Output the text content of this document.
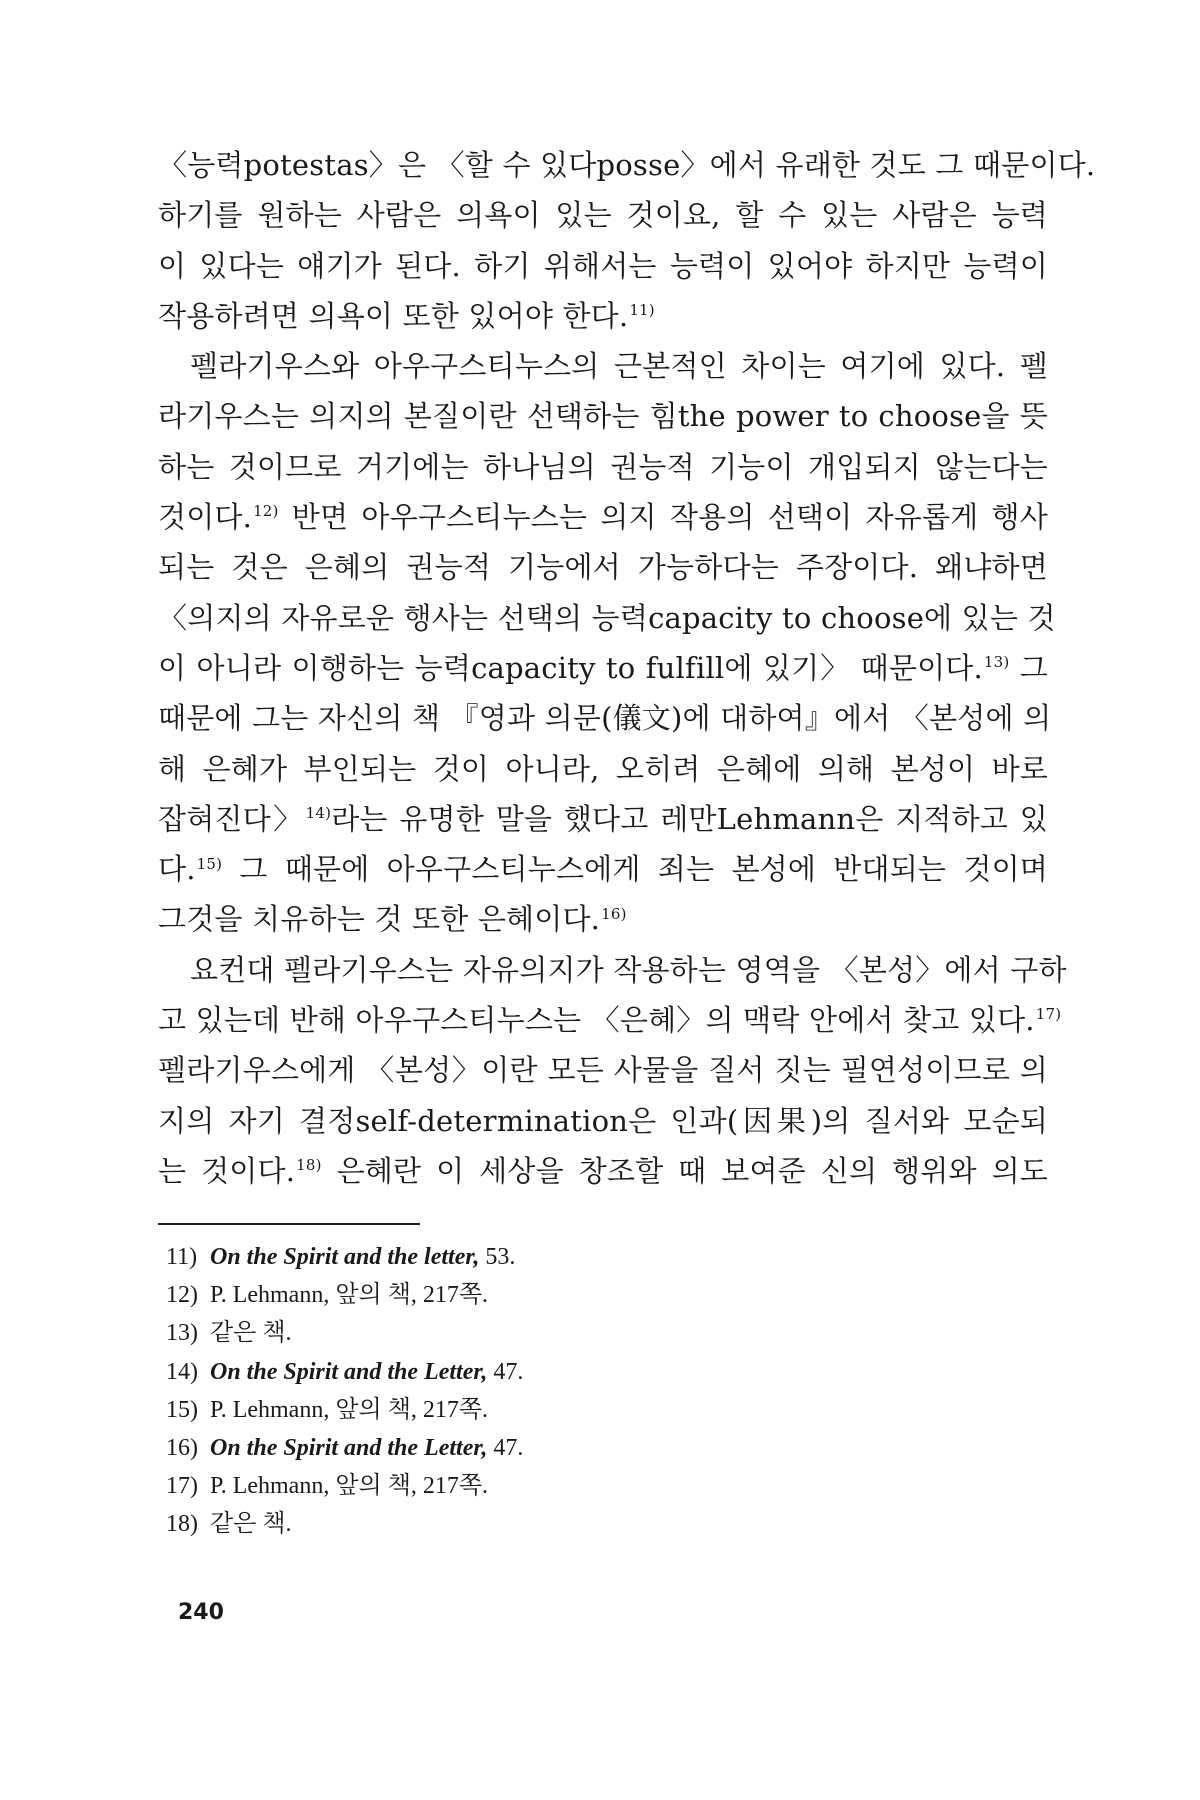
〈능력potestas〉은 〈할 수 있다posse〉에서 유래한 것도 그 때문이다.
하기를 원하는 사람은 의욕이 있는 것이요, 할 수 있는 사람은 능력
이 있다는 얘기가 된다. 하기 위해서는 능력이 있어야 하지만 능력이
작용하려면 의욕이 또한 있어야 한다.$^{11)}$
펠라기우스와 아우구스티누스의 근본적인 차이는 여기에 있다. 펠
라기우스는 의지의 본질이란 선택하는 힘the power to choose을 뜻
하는 것이므로 거기에는 하나님의 권능적 기능이 개입되지 않는다는
것이다.$^{12)}$ 반면 아우구스티누스는 의지 작용의 선택이 자유롭게 행사
되는 것은 은혜의 권능적 기능에서 가능하다는 주장이다. 왜냐하면
〈의지의 자유로운 행사는 선택의 능력capacity to choose에 있는 것
이 아니라 이행하는 능력capacity to fulfill에 있기〉 때문이다.$^{13)}$ 그
때문에 그는 자신의 책 『영과 의문(儀文)에 대하여』에서 〈본성에 의
해 은혜가 부인되는 것이 아니라, 오히려 은혜에 의해 본성이 바로
잡혀진다〉$^{14)}$라는 유명한 말을 했다고 레만Lehmann은 지적하고 있
다.$^{15)}$ 그 때문에 아우구스티누스에게 죄는 본성에 반대되는 것이며
그것을 치유하는 것 또한 은혜이다.$^{16)}$
요컨대 펠라기우스는 자유의지가 작용하는 영역을 〈본성〉에서 구하
고 있는데 반해 아우구스티누스는 〈은혜〉의 맥락 안에서 찾고 있다.$^{17)}$
펠라기우스에게 〈본성〉이란 모든 사물을 질서 짓는 필연성이므로 의
지의 자기 결정self-determination은 인과(因果)의 질서와 모순되
는 것이다.$^{18)}$ 은혜란 이 세상을 창조할 때 보여준 신의 행위와 의도
11) On the Spirit and the letter, 53.
12) P. Lehmann, 앞의 책, 217쪽.
13) 같은 책.
14) On the Spirit and the Letter, 47.
15) P. Lehmann, 앞의 책, 217쪽.
16) On the Spirit and the Letter, 47.
17) P. Lehmann, 앞의 책, 217쪽.
18) 같은 책.
240
